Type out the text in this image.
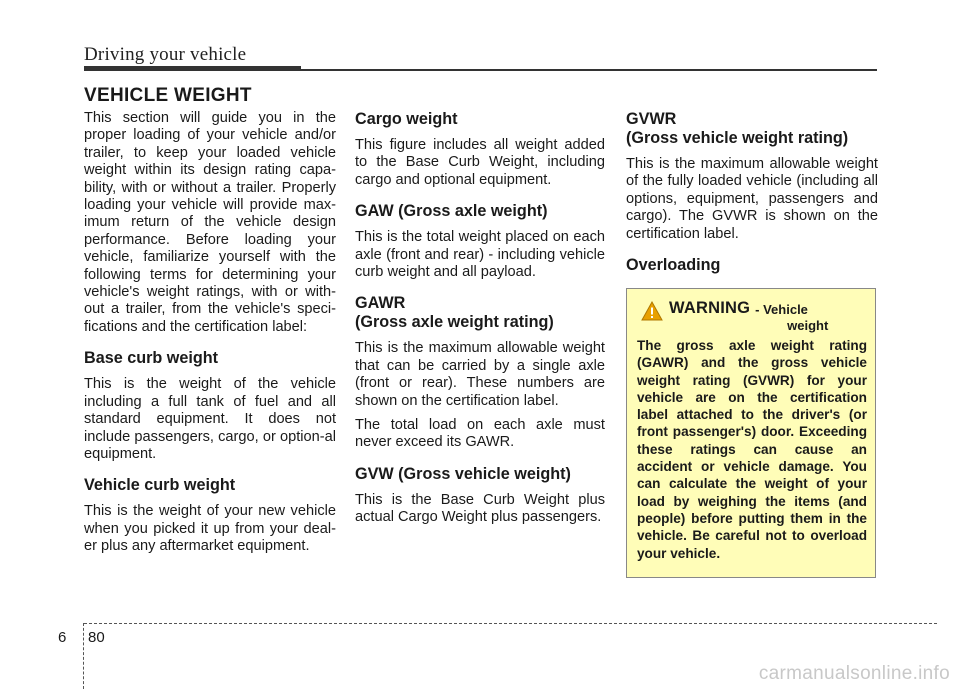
Driving your vehicle
VEHICLE WEIGHT

This section will guide you in the proper loading of your vehicle and/or trailer, to keep your loaded vehicle weight within its design rating capa-bility, with or without a trailer. Properly loading your vehicle will provide max-imum return of the vehicle design performance. Before loading your vehicle, familiarize yourself with the following terms for determining your vehicle's weight ratings, with or with-out a trailer, from the vehicle's speci-fications and the certification label:

Base curb weight

This is the weight of the vehicle including a full tank of fuel and all standard equipment. It does not include passengers, cargo, or option-al equipment.

Vehicle curb weight

This is the weight of your new vehicle when you picked it up from your deal-er plus any aftermarket equipment.

Cargo weight

This figure includes all weight added to the Base Curb Weight, including cargo and optional equipment.

GAW (Gross axle weight)

This is the total weight placed on each axle (front and rear) - including vehicle curb weight and all payload.

GAWR
(Gross axle weight rating)

This is the maximum allowable weight that can be carried by a single axle (front or rear). These numbers are shown on the certification label.

The total load on each axle must never exceed its GAWR.

GVW (Gross vehicle weight)

This is the Base Curb Weight plus actual Cargo Weight plus passengers.

GVWR
(Gross vehicle weight rating)

This is the maximum allowable weight of the fully loaded vehicle (including all options, equipment, passengers and cargo). The GVWR is shown on the certification label.

Overloading
WARNING - Vehicle
weight
The gross axle weight rating (GAWR) and the gross vehicle weight rating (GVWR) for your vehicle are on the certification label attached to the driver's (or front passenger's) door. Exceeding these ratings can cause an accident or vehicle damage. You can calculate the weight of your load by weighing the items (and people) before putting them in the vehicle. Be careful not to overload your vehicle.
6 80
carmanualsonline.info
